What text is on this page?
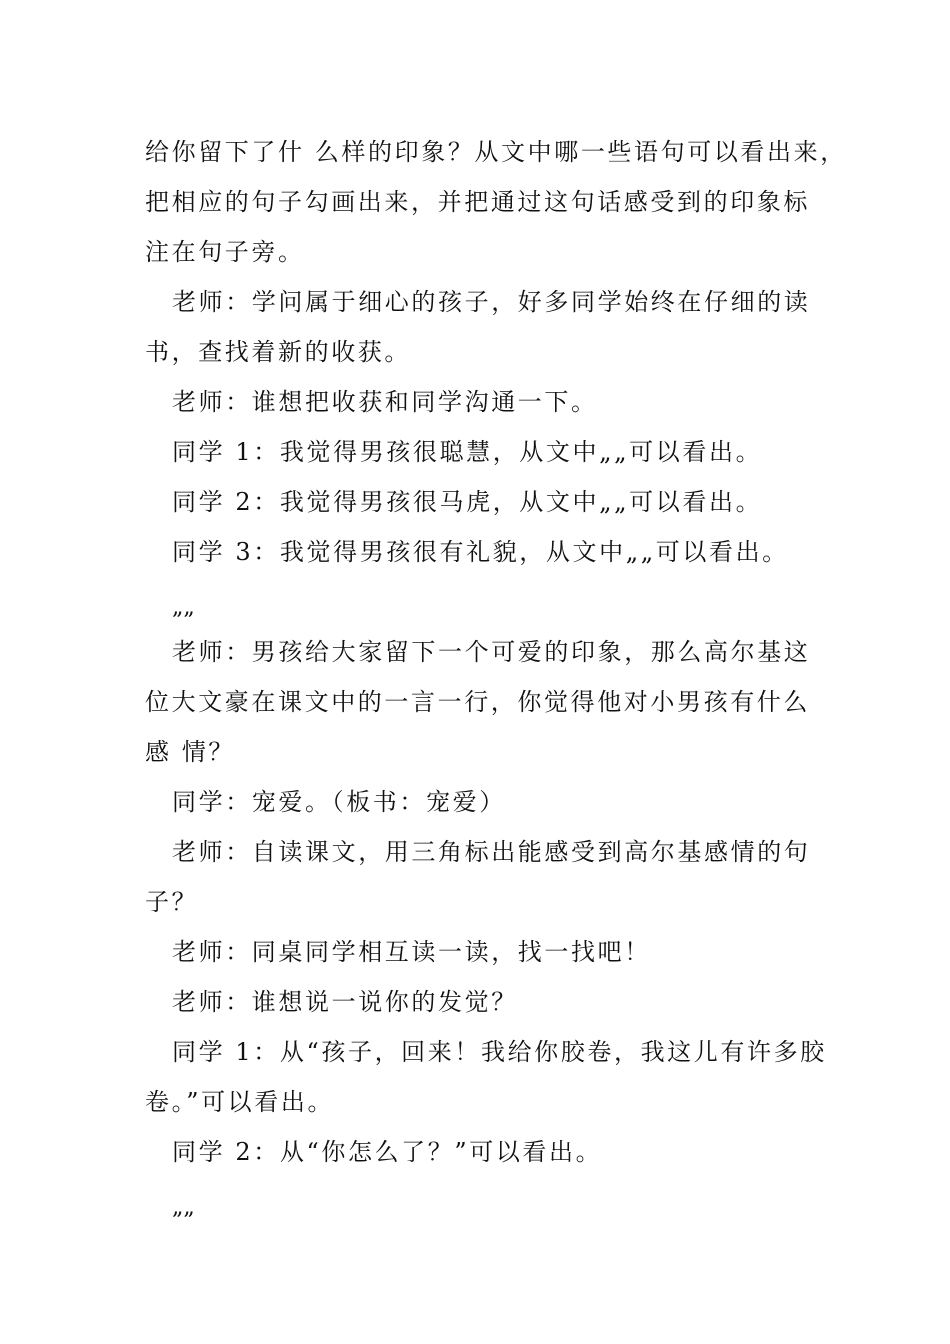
给你留下了什 么样的印象？从文中哪一些语句可以看出来，
把相应的句子勾画出来，并把通过这句话感受到的印象标
注在句子旁。
老师：学问属于细心的孩子，好多同学始终在仔细的读
书，查找着新的收获。
老师：谁想把收获和同学沟通一下。
同学 1：我觉得男孩很聪慧，从文中„„可以看出。
同学 2：我觉得男孩很马虎，从文中„„可以看出。
同学 3：我觉得男孩很有礼貌，从文中„„可以看出。
„„
老师：男孩给大家留下一个可爱的印象，那么高尔基这
位大文豪在课文中的一言一行，你觉得他对小男孩有什么
感 情？
同学：宠爱。（板书：宠爱）
老师：自读课文，用三角标出能感受到高尔基感情的句
子？
老师：同桌同学相互读一读，找一找吧！
老师：谁想说一说你的发觉？
同学 1：从“孩子，回来！我给你胶卷，我这儿有许多胶
卷。”可以看出。
同学 2：从“你怎么了？”可以看出。
„„
